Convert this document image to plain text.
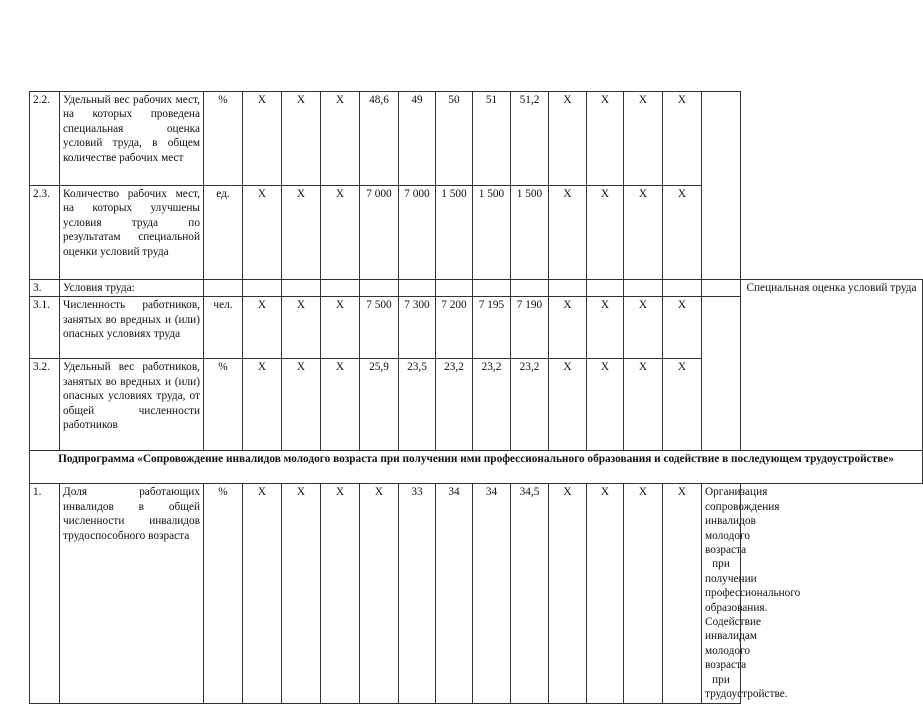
2.2.	Удельный вес рабочих мест, на которых проведена специальная оценка условий труда, в общем количестве рабочих мест	%	X	X	X	48,6	49	50	51	51,2	X	X	X	X		
2.3.	Количество рабочих мест, на которых улучшены условия труда по результатам специальной оценки условий труда	ед.	X	X	X	7 000	7 000	1 500	1 500	1 500	X	X	X	X		
3.	Условия труда:															Специальная оценка условий труда
3.1.	Численность работников, занятых во вредных и (или) опасных условиях труда	чел.	X	X	X	7 500	7 300	7 200	7 195	7 190	X	X	X	X		
3.2.	Удельный вес работников, занятых во вредных и (или) опасных условиях труда, от общей численности работников	%	X	X	X	25,9	23,5	23,2	23,2	23,2	X	X	X	X		
Подпрограмма «Сопровождение инвалидов молодого возраста при получении ими профессионального образования и содействие в последующем трудоустройстве»																
1.	Доля работающих инвалидов в общей численности инвалидов трудоспособного возраста	%	X	X	X	X	33	34	34	34,5	X	X	X	X	Организация сопровождения инвалидов молодого возраста при получении профессионального образования. Содействие инвалидам молодого возраста при трудоустройстве.	
